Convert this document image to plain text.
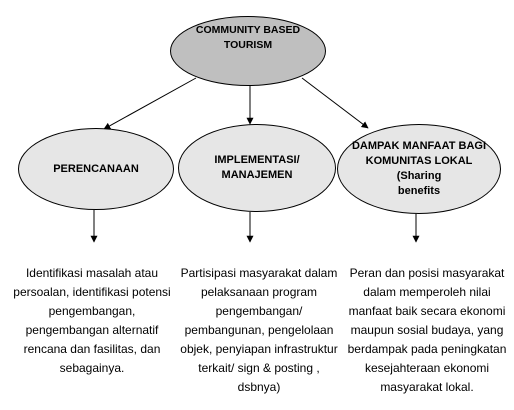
COMMUNITY BASED TOURISM
PERENCANAAN
IMPLEMENTASI/
MANAJEMEN
DAMPAK MANFAAT BAGI
KOMUNITAS LOKAL (Sharing
benefits
Identifikasi masalah atau
persoalan, identifikasi potensi
pengembangan,
pengembangan alternatif
rencana dan fasilitas, dan
sebagainya.
Partisipasi masyarakat dalam
pelaksanaan program
pengembangan/
pembangunan, pengelolaan
objek, penyiapan infrastruktur
terkait/ sign & posting ,
dsbnya)
Peran dan posisi masyarakat
dalam memperoleh nilai
manfaat baik secara ekonomi
maupun sosial budaya, yang
berdampak pada peningkatan
kesejahteraan ekonomi
masyarakat lokal.
